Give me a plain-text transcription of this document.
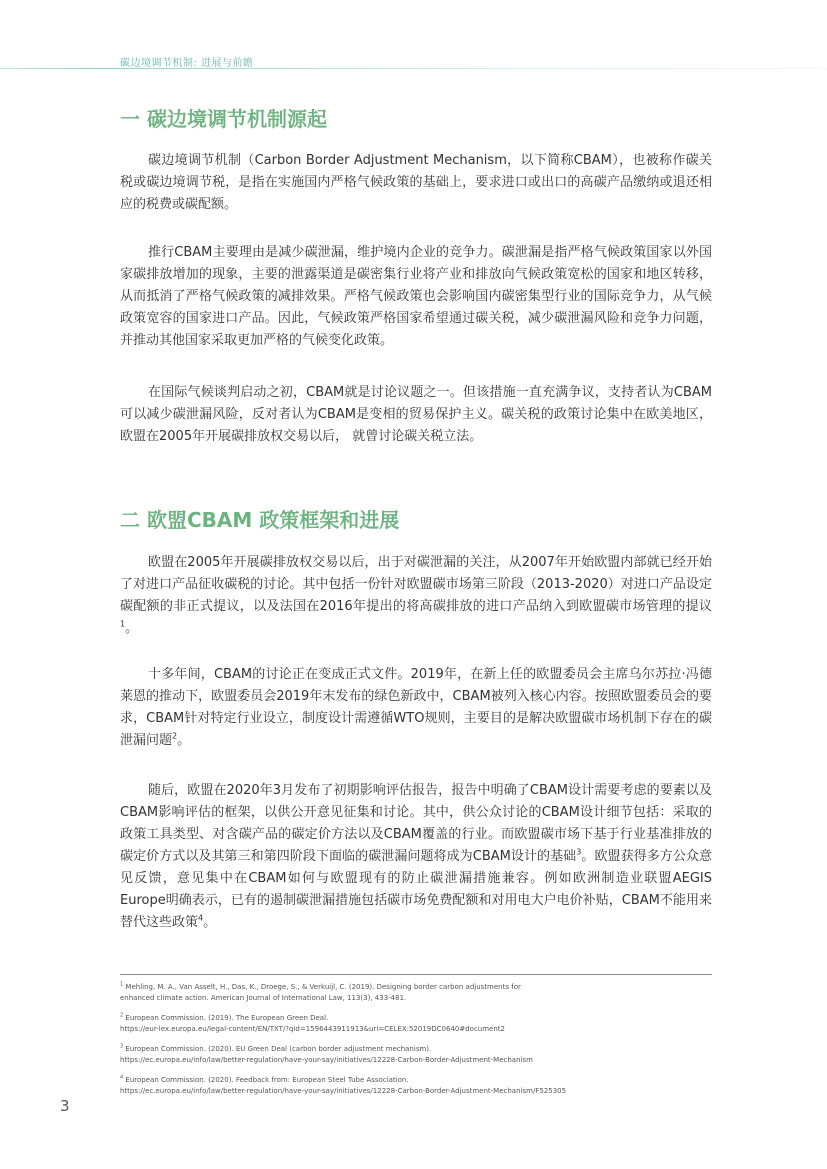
碳边境调节机制: 进展与前瞻
一 碳边境调节机制源起

碳边境调节机制（Carbon Border Adjustment Mechanism，以下简称CBAM），也被称作碳关税或碳边境调节税，是指在实施国内严格气候政策的基础上，要求进口或出口的高碳产品缴纳或退还相应的税费或碳配额。

推行CBAM主要理由是减少碳泄漏，维护境内企业的竞争力。碳泄漏是指严格气候政策国家以外国家碳排放增加的现象，主要的泄露渠道是碳密集行业将产业和排放向气候政策宽松的国家和地区转移，从而抵消了严格气候政策的减排效果。严格气候政策也会影响国内碳密集型行业的国际竞争力，从气候政策宽容的国家进口产品。因此，气候政策严格国家希望通过碳关税，减少碳泄漏风险和竞争力问题，并推动其他国家采取更加严格的气候变化政策。

在国际气候谈判启动之初，CBAM就是讨论议题之一。但该措施一直充满争议，支持者认为CBAM可以减少碳泄漏风险，反对者认为CBAM是变相的贸易保护主义。碳关税的政策讨论集中在欧美地区，欧盟在2005年开展碳排放权交易以后， 就曾讨论碳关税立法。

二 欧盟CBAM 政策框架和进展

欧盟在2005年开展碳排放权交易以后，出于对碳泄漏的关注，从2007年开始欧盟内部就已经开始了对进口产品征收碳税的讨论。其中包括一份针对欧盟碳市场第三阶段（2013-2020）对进口产品设定碳配额的非正式提议，以及法国在2016年提出的将高碳排放的进口产品纳入到欧盟碳市场管理的提议$^1$。

十多年间，CBAM的讨论正在变成正式文件。2019年，在新上任的欧盟委员会主席乌尔苏拉·冯德莱恩的推动下，欧盟委员会2019年末发布的绿色新政中，CBAM被列入核心内容。按照欧盟委员会的要求，CBAM针对特定行业设立，制度设计需遵循WTO规则，主要目的是解决欧盟碳市场机制下存在的碳泄漏问题$^2$。

随后，欧盟在2020年3月发布了初期影响评估报告，报告中明确了CBAM设计需要考虑的要素以及CBAM影响评估的框架，以供公开意见征集和讨论。其中，供公众讨论的CBAM设计细节包括：采取的政策工具类型、对含碳产品的碳定价方法以及CBAM覆盖的行业。而欧盟碳市场下基于行业基准排放的碳定价方式以及其第三和第四阶段下面临的碳泄漏问题将成为CBAM设计的基础$^3$。欧盟获得多方公众意见反馈，意见集中在CBAM如何与欧盟现有的防止碳泄漏措施兼容。例如欧洲制造业联盟AEGIS Europe明确表示，已有的遏制碳泄漏措施包括碳市场免费配额和对用电大户电价补贴，CBAM不能用来替代这些政策$^4$。

$^1$ Mehling, M. A., Van Asselt, H., Das, K., Droege, S., & Verkuijl, C. (2019). Designing border carbon adjustments for
enhanced climate action. American Journal of International Law, 113(3), 433-481.
$^2$ European Commission. (2019). The European Green Deal.
https://eur-lex.europa.eu/legal-content/EN/TXT/?qid=1596443911913&uri=CELEX:52019DC0640#document2
$^3$ European Commission. (2020). EU Green Deal (carbon border adjustment mechanism).
https://ec.europa.eu/info/law/better-regulation/have-your-say/initiatives/12228-Carbon-Border-Adjustment-Mechanism
$^4$ European Commission. (2020). Feedback from: European Steel Tube Association.
https://ec.europa.eu/info/law/better-regulation/have-your-say/initiatives/12228-Carbon-Border-Adjustment-Mechanism/F525305
3
